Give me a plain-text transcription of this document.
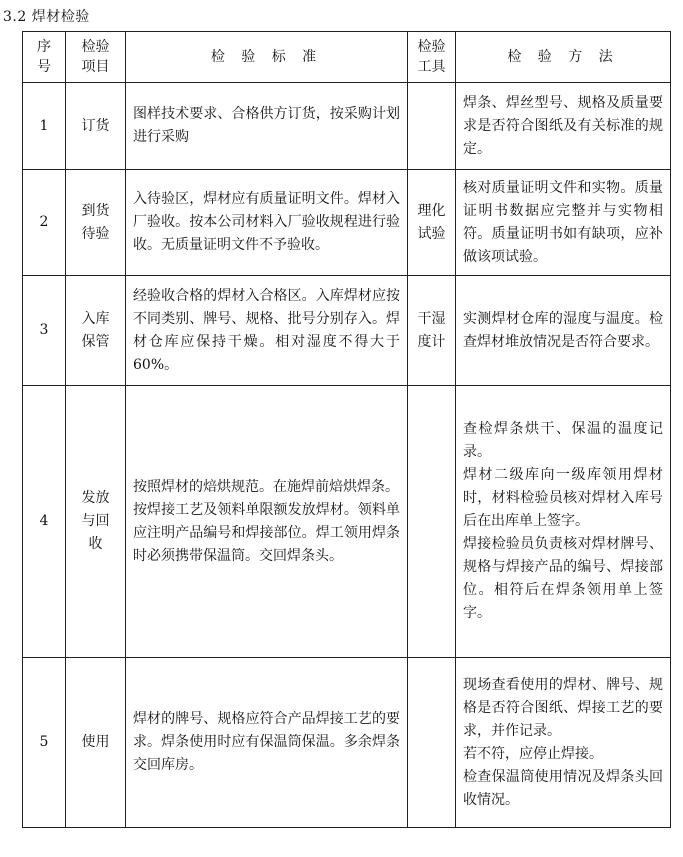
3.2 焊材检验
序
号	检验
项目	检 验 标 准	检验
工具	检 验 方 法
1	订货	图样技术要求、合格供方订货，按采购计划进行采购		焊条、焊丝型号、规格及质量要求是否符合图纸及有关标准的规定。

2	到货
待验	入待验区，焊材应有质量证明文件。焊材入厂验收。按本公司材料入厂验收规程进行验收。无质量证明文件不予验收。	理化
试验	核对质量证明文件和实物。质量证明书数据应完整并与实物相符。质量证明书如有缺项，应补做该项试验。

3	入库
保管	经验收合格的焊材入合格区。入库焊材应按不同类别、牌号、规格、批号分别存入。焊材仓库应保持干燥。相对湿度不得大于60%。	干湿
度计	实测焊材仓库的湿度与温度。检查焊材堆放情况是否符合要求。

4	发放
与回
收	按照焊材的焙烘规范。在施焊前焙烘焊条。
按焊接工艺及领料单限额发放焊材。领料单应注明产品编号和焊接部位。焊工领用焊条时必须携带保温筒。交回焊条头。		查检焊条烘干、保温的温度记录。
焊材二级库向一级库领用焊材时，材料检验员核对焊材入库号后在出库单上签字。
焊接检验员负责核对焊材牌号、规格与焊接产品的编号、焊接部位。相符后在焊条领用单上签字。

5	使用	焊材的牌号、规格应符合产品焊接工艺的要求。焊条使用时应有保温筒保温。多余焊条交回库房。		现场查看使用的焊材、牌号、规格是否符合图纸、焊接工艺的要求，并作记录。
若不符，应停止焊接。
检查保温筒使用情况及焊条头回收情况。
